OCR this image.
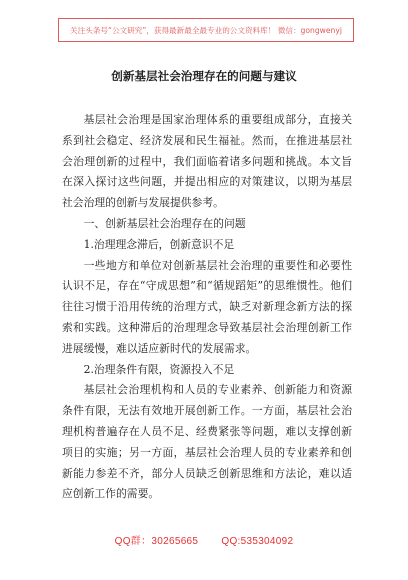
关注头条号“公文研究”，获得最新最全最专业的公文资料库！ 微信：gongwenyj
创新基层社会治理存在的问题与建议

基层社会治理是国家治理体系的重要组成部分，直接关系到社会稳定、经济发展和民生福祉。然而，在推进基层社会治理创新的过程中，我们面临着诸多问题和挑战。本文旨在深入探讨这些问题，并提出相应的对策建议，以期为基层社会治理的创新与发展提供参考。

一、创新基层社会治理存在的问题

1.治理理念滞后，创新意识不足

一些地方和单位对创新基层社会治理的重要性和必要性认识不足，存在“守成思想”和“循规蹈矩”的思维惯性。他们往往习惯于沿用传统的治理方式，缺乏对新理念新方法的探索和实践。这种滞后的治理理念导致基层社会治理创新工作进展缓慢，难以适应新时代的发展需求。

2.治理条件有限，资源投入不足

基层社会治理机构和人员的专业素养、创新能力和资源条件有限，无法有效地开展创新工作。一方面，基层社会治理机构普遍存在人员不足、经费紧张等问题，难以支撑创新项目的实施；另一方面，基层社会治理人员的专业素养和创新能力参差不齐，部分人员缺乏创新思维和方法论，难以适应创新工作的需要。

QQ群：30265665 QQ:535304092
